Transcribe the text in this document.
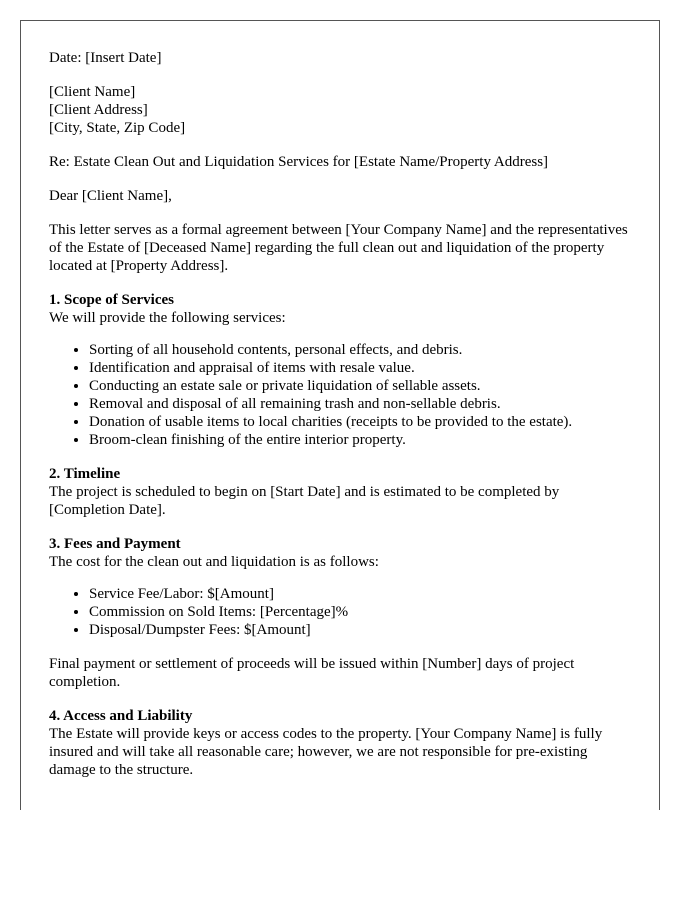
Date: [Insert Date]

[Client Name]
[Client Address]
[City, State, Zip Code]

Re: Estate Clean Out and Liquidation Services for [Estate Name/Property Address]

Dear [Client Name],

This letter serves as a formal agreement between [Your Company Name] and the representatives of the Estate of [Deceased Name] regarding the full clean out and liquidation of the property located at [Property Address].

1. Scope of Services
We will provide the following services:
• Sorting of all household contents, personal effects, and debris.
• Identification and appraisal of items with resale value.
• Conducting an estate sale or private liquidation of sellable assets.
• Removal and disposal of all remaining trash and non-sellable debris.
• Donation of usable items to local charities (receipts to be provided to the estate).
• Broom-clean finishing of the entire interior property.
2. Timeline
The project is scheduled to begin on [Start Date] and is estimated to be completed by [Completion Date].
3. Fees and Payment
The cost for the clean out and liquidation is as follows:
• Service Fee/Labor: $[Amount]
• Commission on Sold Items: [Percentage]%
• Disposal/Dumpster Fees: $[Amount]

Final payment or settlement of proceeds will be issued within [Number] days of project completion.

4. Access and Liability
The Estate will provide keys or access codes to the property. [Your Company Name] is fully insured and will take all reasonable care; however, we are not responsible for pre-existing damage to the structure.
